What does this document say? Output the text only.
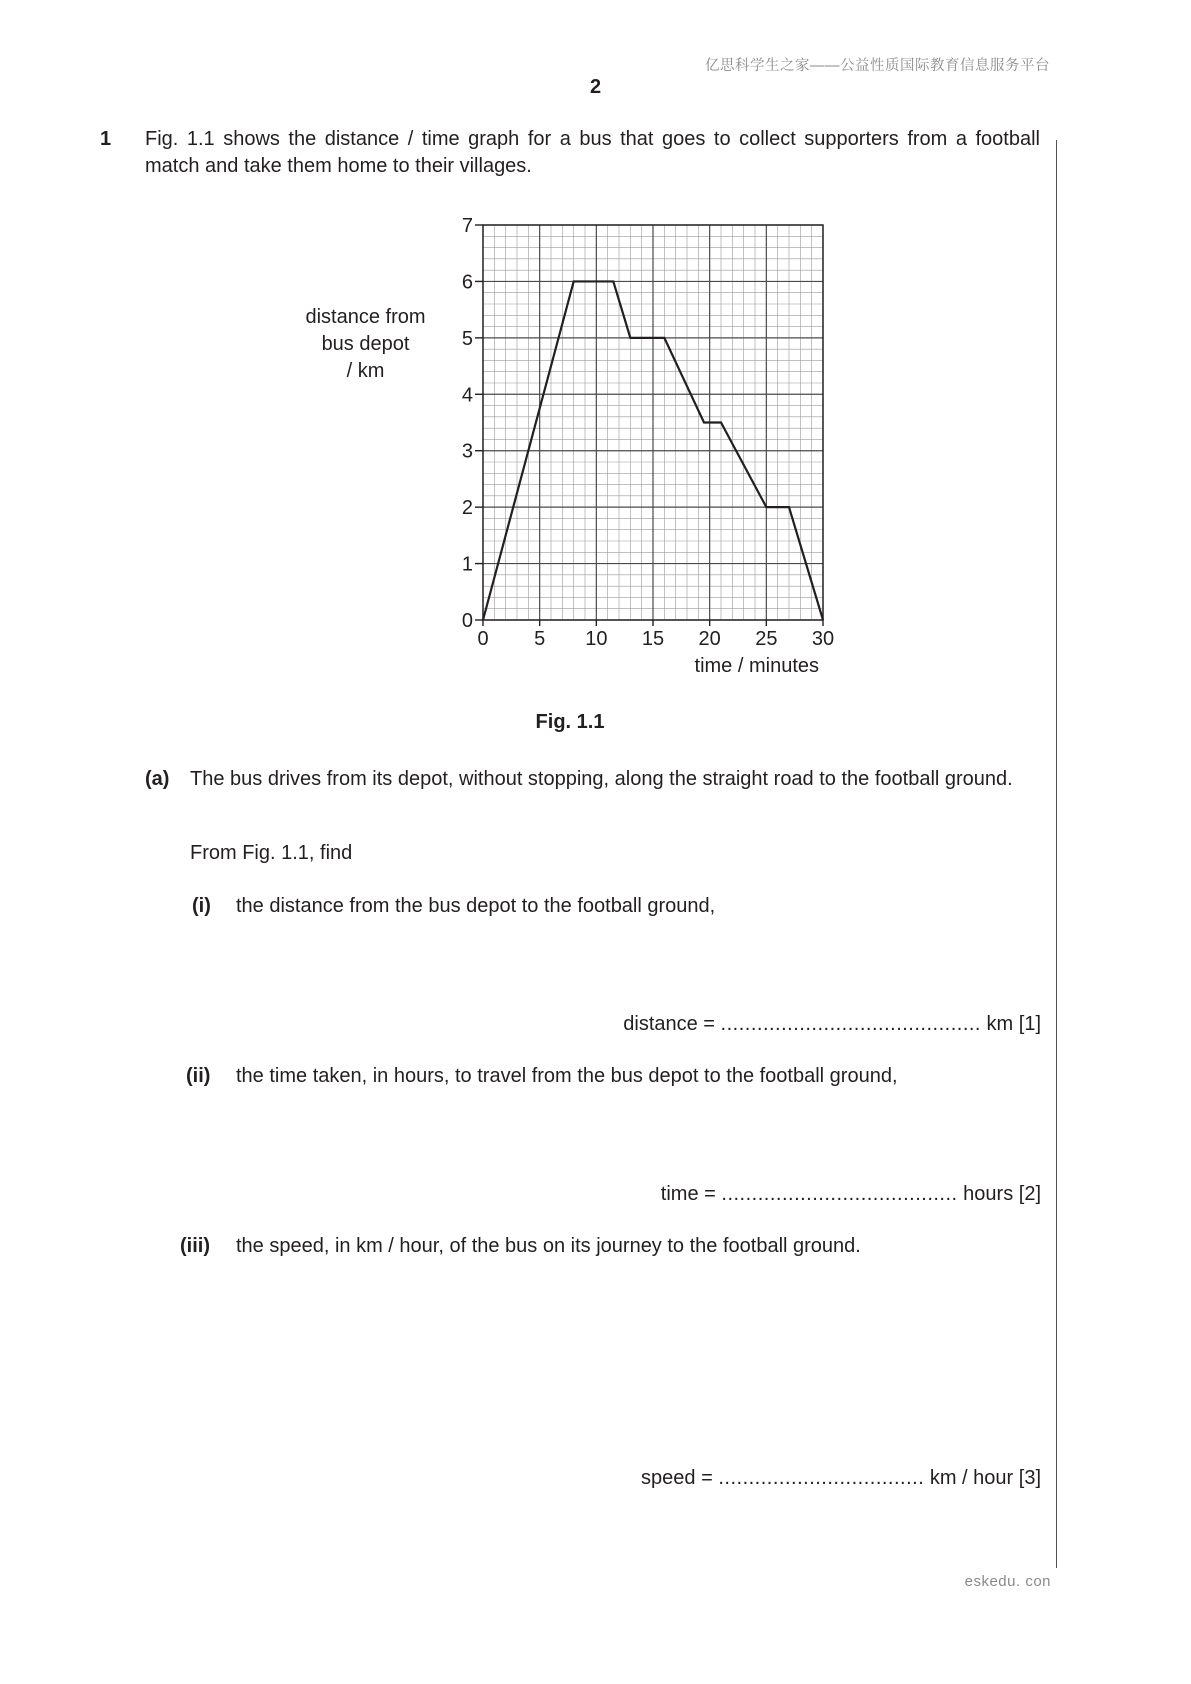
亿思科学生之家——公益性质国际教育信息服务平台
2
1 Fig. 1.1 shows the distance / time graph for a bus that goes to collect supporters from a football match and take them home to their villages.
distance from
bus depot
/ km
0
1
2
3
4
5
6
7
0 5 10 15 20 25 30
time / minutes
Fig. 1.1
(a) The bus drives from its depot, without stopping, along the straight road to the football ground.
From Fig. 1.1, find
(i) the distance from the bus depot to the football ground,
distance = ........................................... km [1]
(ii) the time taken, in hours, to travel from the bus depot to the football ground,
time = ....................................... hours [2]
(iii) the speed, in km / hour, of the bus on its journey to the football ground.
speed = .................................. km / hour [3]
eskedu. con
